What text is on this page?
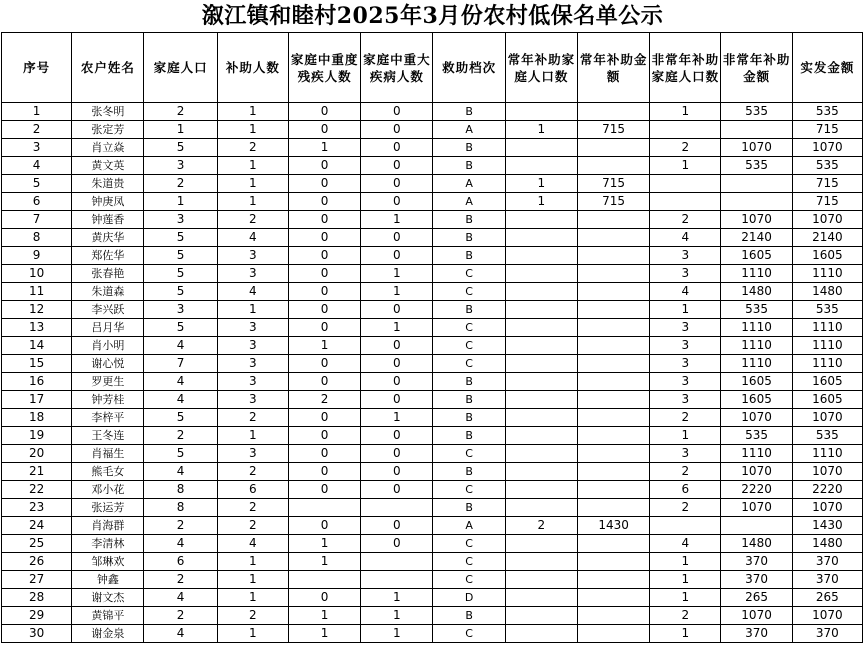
溆江镇和睦村2025年3月份农村低保名单公示
序号	农户姓名	家庭人口	补助人数	家庭中重度残疾人数	家庭中重大疾病人数	救助档次	常年补助家庭人口数	常年补助金额	非常年补助家庭人口数	非常年补助金额	实发金额
1	张冬明	2	1	0	0	B			1	535	535
2	张定芳	1	1	0	0	A	1	715			715
3	肖立焱	5	2	1	0	B			2	1070	1070
4	黄文英	3	1	0	0	B			1	535	535
5	朱道贵	2	1	0	0	A	1	715			715
6	钟庚凤	1	1	0	0	A	1	715			715
7	钟莲香	3	2	0	1	B			2	1070	1070
8	黄庆华	5	4	0	0	B			4	2140	2140
9	郑佐华	5	3	0	0	B			3	1605	1605
10	张春艳	5	3	0	1	C			3	1110	1110
11	朱道森	5	4	0	1	C			4	1480	1480
12	李兴跃	3	1	0	0	B			1	535	535
13	吕月华	5	3	0	1	C			3	1110	1110
14	肖小明	4	3	1	0	C			3	1110	1110
15	谢心悦	7	3	0	0	C			3	1110	1110
16	罗更生	4	3	0	0	B			3	1605	1605
17	钟芳桂	4	3	2	0	B			3	1605	1605
18	李梓平	5	2	0	1	B			2	1070	1070
19	王冬连	2	1	0	0	B			1	535	535
20	肖福生	5	3	0	0	C			3	1110	1110
21	熊毛女	4	2	0	0	B			2	1070	1070
22	邓小花	8	6	0	0	C			6	2220	2220
23	张运芳	8	2			B			2	1070	1070
24	肖海群	2	2	0	0	A	2	1430			1430
25	李清林	4	4	1	0	C			4	1480	1480
26	邹琳欢	6	1	1		C			1	370	370
27	钟鑫	2	1			C			1	370	370
28	谢文杰	4	1	0	1	D			1	265	265
29	黄锦平	2	2	1	1	B			2	1070	1070
30	谢金泉	4	1	1	1	C			1	370	370
